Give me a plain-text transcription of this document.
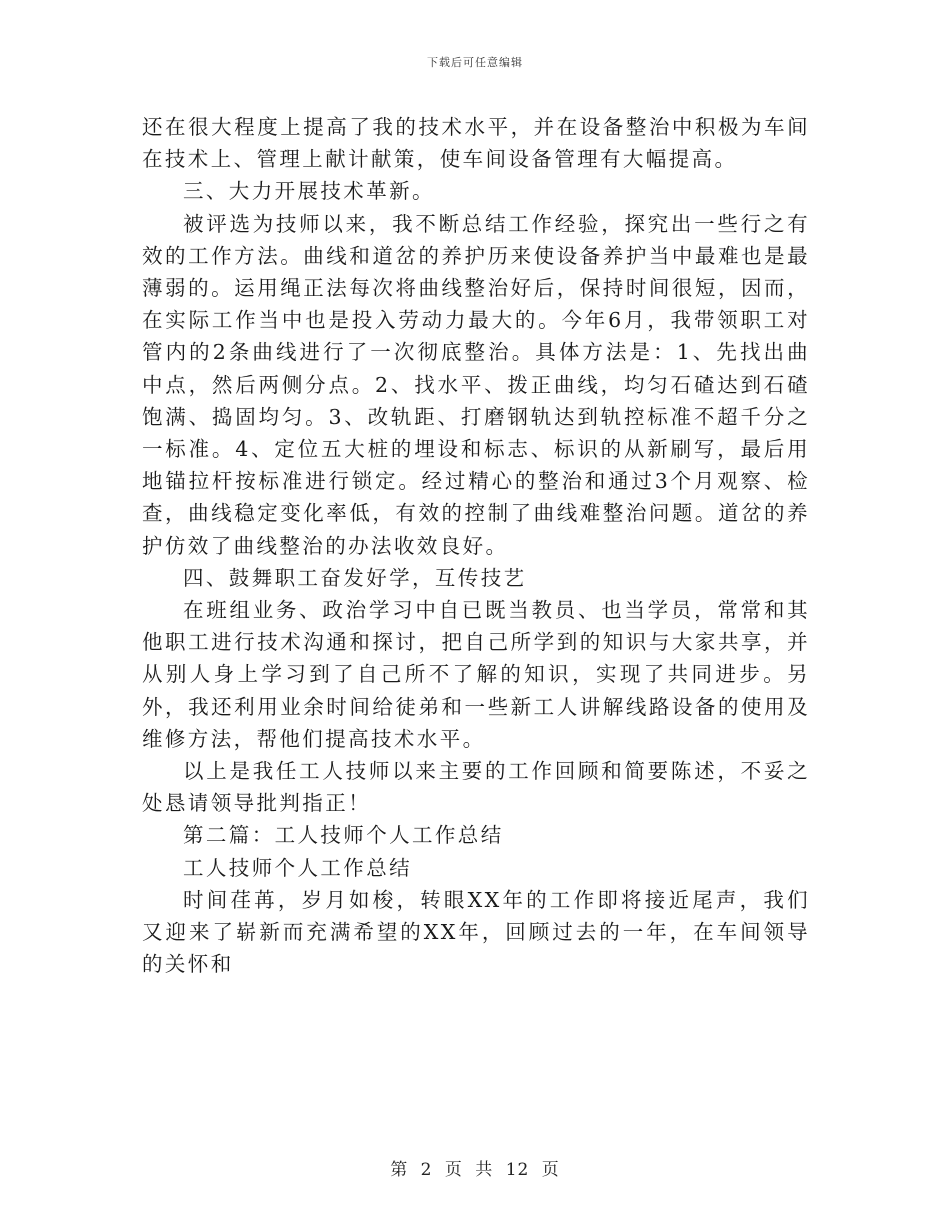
下载后可任意编辑

还在很大程度上提高了我的技术水平，并在设备整治中积极为车间在技术上、管理上献计献策，使车间设备管理有大幅提高。

三、大力开展技术革新。

被评选为技师以来，我不断总结工作经验，探究出一些行之有效的工作方法。曲线和道岔的养护历来使设备养护当中最难也是最薄弱的。运用绳正法每次将曲线整治好后，保持时间很短，因而，在实际工作当中也是投入劳动力最大的。今年6月，我带领职工对管内的2条曲线进行了一次彻底整治。具体方法是：1、先找出曲中点，然后两侧分点。2、找水平、拨正曲线，均匀石碴达到石碴饱满、捣固均匀。3、改轨距、打磨钢轨达到轨控标准不超千分之一标准。4、定位五大桩的埋设和标志、标识的从新刷写，最后用地锚拉杆按标准进行锁定。经过精心的整治和通过3个月观察、检查，曲线稳定变化率低，有效的控制了曲线难整治问题。道岔的养护仿效了曲线整治的办法收效良好。

四、鼓舞职工奋发好学，互传技艺

在班组业务、政治学习中自已既当教员、也当学员，常常和其他职工进行技术沟通和探讨，把自己所学到的知识与大家共享，并从别人身上学习到了自己所不了解的知识，实现了共同进步。另外，我还利用业余时间给徒弟和一些新工人讲解线路设备的使用及维修方法，帮他们提高技术水平。

以上是我任工人技师以来主要的工作回顾和简要陈述，不妥之处恳请领导批判指正！

第二篇：工人技师个人工作总结

工人技师个人工作总结

时间荏苒，岁月如梭，转眼XX年的工作即将接近尾声，我们又迎来了崭新而充满希望的XX年，回顾过去的一年，在车间领导的关怀和

第 2 页 共 12 页
